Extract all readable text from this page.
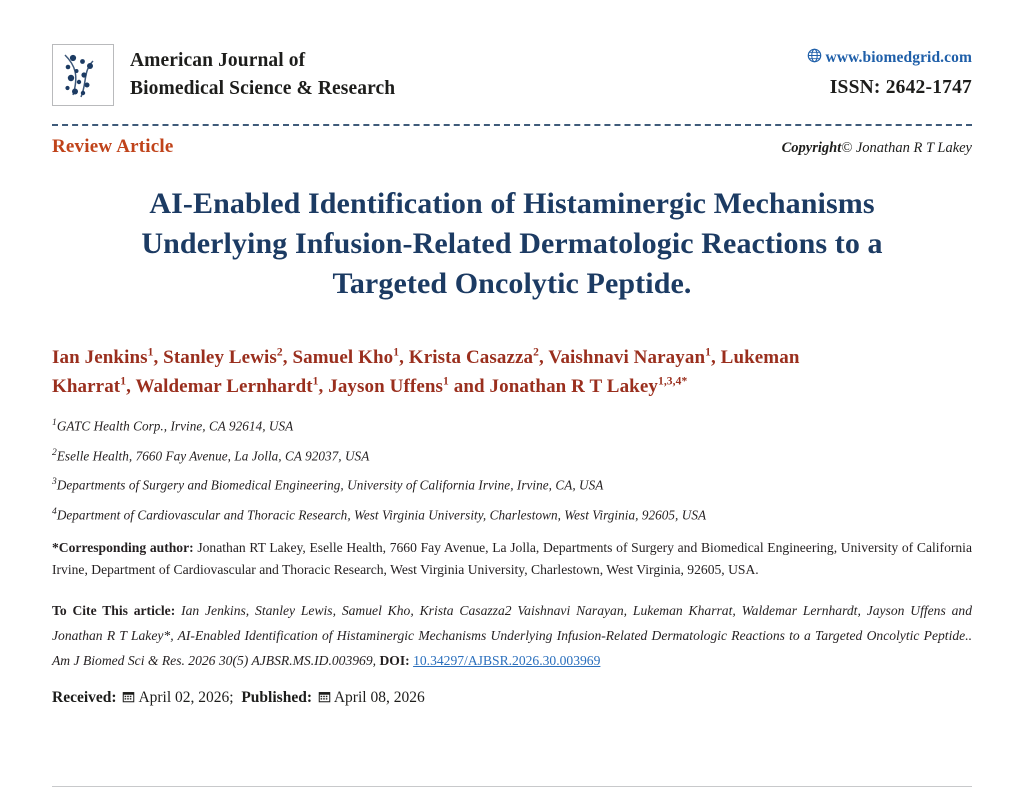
American Journal of
Biomedical Science & Research
www.biomedgrid.com
ISSN: 2642-1747
Review Article	Copyright© Jonathan R T Lakey
AI-Enabled Identification of Histaminergic Mechanisms Underlying Infusion-Related Dermatologic Reactions to a Targeted Oncolytic Peptide.
Ian Jenkins$^1$, Stanley Lewis$^2$, Samuel Kho$^1$, Krista Casazza$^2$, Vaishnavi Narayan$^1$, Lukeman
Kharrat$^1$, Waldemar Lernhardt$^1$, Jayson Uffens$^1$ and Jonathan R T Lakey$^{1,3,4*}$
$^1$GATC Health Corp., Irvine, CA 92614, USA
$^2$Eselle Health, 7660 Fay Avenue, La Jolla, CA 92037, USA
$^3$Departments of Surgery and Biomedical Engineering, University of California Irvine, Irvine, CA, USA
$^4$Department of Cardiovascular and Thoracic Research, West Virginia University, Charlestown, West Virginia, 92605, USA
*Corresponding author: Jonathan RT Lakey, Eselle Health, 7660 Fay Avenue, La Jolla, Departments of Surgery and Biomedical Engineering, University of California Irvine, Department of Cardiovascular and Thoracic Research, West Virginia University, Charlestown, West Virginia, 92605, USA.
To Cite This article: Ian Jenkins, Stanley Lewis, Samuel Kho, Krista Casazza2 Vaishnavi Narayan, Lukeman Kharrat, Waldemar Lernhardt, Jayson Uffens and Jonathan R T Lakey*, AI-Enabled Identification of Histaminergic Mechanisms Underlying Infusion-Related Dermatologic Reactions to a Targeted Oncolytic Peptide.. Am J Biomed Sci & Res. 2026 30(5) AJBSR.MS.ID.003969, DOI: 10.34297/AJBSR.2026.30.003969
Received: April 02, 2026; Published: April 08, 2026
